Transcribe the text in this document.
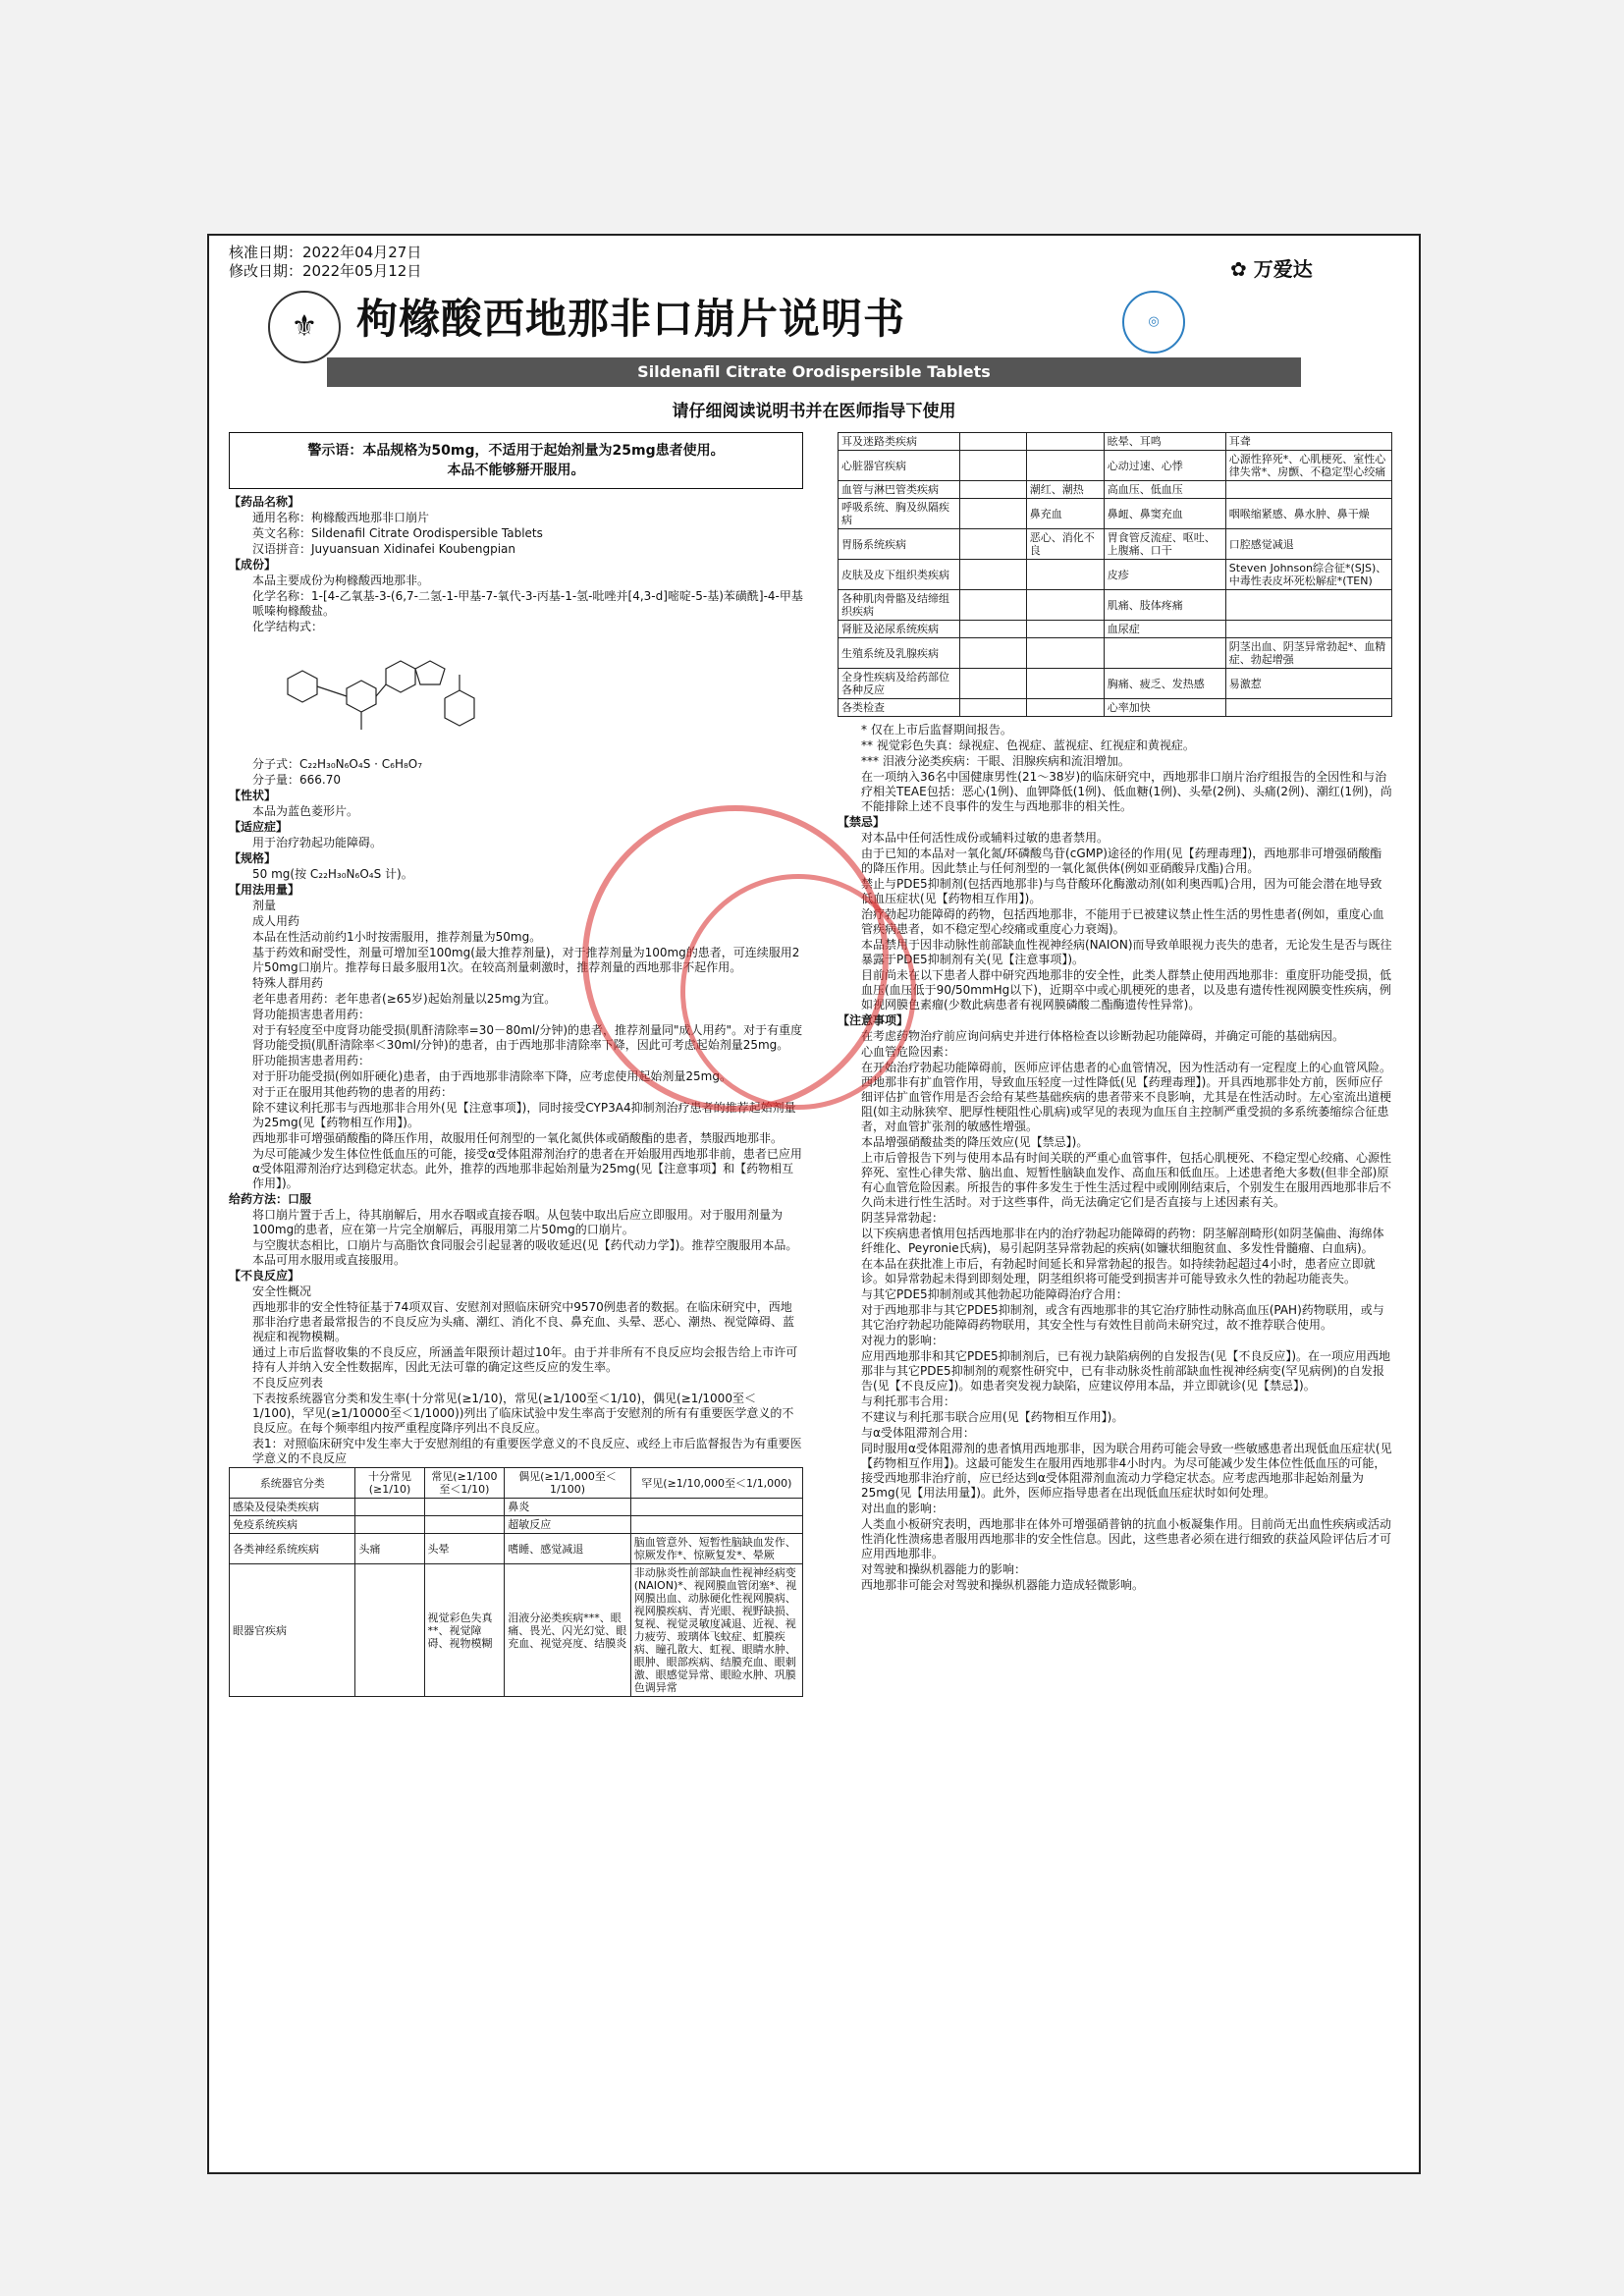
核准日期：2022年04月27日
修改日期：2022年05月12日
⚜ 枸橼酸西地那非口崩片说明书	◎
✿ 万爱达
Sildenafil Citrate Orodispersible Tablets
请仔细阅读说明书并在医师指导下使用
警示语：本品规格为50mg，不适用于起始剂量为25mg患者使用。
本品不能够掰开服用。
【药品名称】
通用名称：枸橼酸西地那非口崩片
英文名称：Sildenafil Citrate Orodispersible Tablets
汉语拼音：Juyuansuan Xidinafei Koubengpian
【成份】
本品主要成份为枸橼酸西地那非。
化学名称：1-[4-乙氧基-3-(6,7-二氢-1-甲基-7-氧代-3-丙基-1-氢-吡唑并[4,3-d]嘧啶-5-基)苯磺酰]-4-甲基哌嗪枸橼酸盐。
化学结构式：
分子式：C₂₂H₃₀N₆O₄S · C₆H₈O₇
分子量：666.70
【性状】
本品为蓝色菱形片。
【适应症】
用于治疗勃起功能障碍。
【规格】
50 mg(按 C₂₂H₃₀N₆O₄S 计)。
【用法用量】
剂量
成人用药
本品在性活动前约1小时按需服用，推荐剂量为50mg。
基于药效和耐受性，剂量可增加至100mg(最大推荐剂量)，对于推荐剂量为100mg的患者，可连续服用2片50mg口崩片。推荐每日最多服用1次。在较高剂量刺激时，推荐剂量的西地那非不起作用。
特殊人群用药
老年患者用药：老年患者(≥65岁)起始剂量以25mg为宜。
肾功能损害患者用药：
对于有轻度至中度肾功能受损(肌酐清除率=30－80ml/分钟)的患者，推荐剂量同"成人用药"。对于有重度肾功能受损(肌酐清除率＜30ml/分钟)的患者，由于西地那非清除率下降，因此可考虑起始剂量25mg。
肝功能损害患者用药：
对于肝功能受损(例如肝硬化)患者，由于西地那非清除率下降，应考虑使用起始剂量25mg。
对于正在服用其他药物的患者的用药：
除不建议利托那韦与西地那非合用外(见【注意事项】)，同时接受CYP3A4抑制剂治疗患者的推荐起始剂量为25mg(见【药物相互作用】)。
西地那非可增强硝酸酯的降压作用，故服用任何剂型的一氧化氮供体或硝酸酯的患者，禁服西地那非。
为尽可能减少发生体位性低血压的可能，接受α受体阻滞剂治疗的患者在开始服用西地那非前，患者已应用α受体阻滞剂治疗达到稳定状态。此外，推荐的西地那非起始剂量为25mg(见【注意事项】和【药物相互作用】)。
给药方法：口服
将口崩片置于舌上，待其崩解后，用水吞咽或直接吞咽。从包装中取出后应立即服用。对于服用剂量为100mg的患者，应在第一片完全崩解后，再服用第二片50mg的口崩片。
与空腹状态相比，口崩片与高脂饮食同服会引起显著的吸收延迟(见【药代动力学】)。推荐空腹服用本品。本品可用水服用或直接服用。
【不良反应】
安全性概况
西地那非的安全性特征基于74项双盲、安慰剂对照临床研究中9570例患者的数据。在临床研究中，西地那非治疗患者最常报告的不良反应为头痛、潮红、消化不良、鼻充血、头晕、恶心、潮热、视觉障碍、蓝视症和视物模糊。
通过上市后监督收集的不良反应，所涵盖年限预计超过10年。由于并非所有不良反应均会报告给上市许可持有人并纳入安全性数据库，因此无法可靠的确定这些反应的发生率。
不良反应列表
下表按系统器官分类和发生率(十分常见(≥1/10)，常见(≥1/100至＜1/10)，偶见(≥1/1000至＜1/100)，罕见(≥1/10000至＜1/1000))列出了临床试验中发生率高于安慰剂的所有有重要医学意义的不良反应。在每个频率组内按严重程度降序列出不良反应。
表1：对照临床研究中发生率大于安慰剂组的有重要医学意义的不良反应、或经上市后监督报告为有重要医学意义的不良反应
系统器官分类	十分常见(≥1/10)	常见(≥1/100至＜1/10)	偶见(≥1/1,000至＜1/100)	罕见(≥1/10,000至＜1/1,000)
感染及侵染类疾病			鼻炎	
免疫系统疾病			超敏反应	
各类神经系统疾病	头痛	头晕	嗜睡、感觉减退	脑血管意外、短暂性脑缺血发作、惊厥发作*、惊厥复发*、晕厥
眼器官疾病		视觉彩色失真**、视觉障碍、视物模糊	泪液分泌类疾病***、眼痛、畏光、闪光幻觉、眼充血、视觉亮度、结膜炎	非动脉炎性前部缺血性视神经病变(NAION)*、视网膜血管闭塞*、视网膜出血、动脉硬化性视网膜病、视网膜疾病、青光眼、视野缺损、复视、视觉灵敏度减退、近视、视力疲劳、玻璃体飞蚊症、虹膜疾病、瞳孔散大、虹视、眼睛水肿、眼肿、眼部疾病、结膜充血、眼刺激、眼感觉异常、眼睑水肿、巩膜色调异常
耳及迷路类疾病			眩晕、耳鸣	耳聋
心脏器官疾病			心动过速、心悸	心源性猝死*、心肌梗死、室性心律失常*、房颤、不稳定型心绞痛
血管与淋巴管类疾病		潮红、潮热	高血压、低血压	
呼吸系统、胸及纵隔疾病		鼻充血	鼻衄、鼻窦充血	咽喉缩紧感、鼻水肿、鼻干燥
胃肠系统疾病		恶心、消化不良	胃食管反流症、呕吐、上腹痛、口干	口腔感觉减退
皮肤及皮下组织类疾病			皮疹	Steven Johnson综合征*(SJS)、中毒性表皮坏死松解症*(TEN)
各种肌肉骨骼及结缔组织疾病			肌痛、肢体疼痛	
肾脏及泌尿系统疾病			血尿症	
生殖系统及乳腺疾病				阴茎出血、阴茎异常勃起*、血精症、勃起增强
全身性疾病及给药部位各种反应			胸痛、疲乏、发热感	易激惹
各类检查			心率加快	
* 仅在上市后监督期间报告。
** 视觉彩色失真：绿视症、色视症、蓝视症、红视症和黄视症。
*** 泪液分泌类疾病：干眼、泪腺疾病和流泪增加。
在一项纳入36名中国健康男性(21～38岁)的临床研究中，西地那非口崩片治疗组报告的全因性和与治疗相关TEAE包括：恶心(1例)、血钾降低(1例)、低血糖(1例)、头晕(2例)、头痛(2例)、潮红(1例)，尚不能排除上述不良事件的发生与西地那非的相关性。
【禁忌】
对本品中任何活性成份或辅料过敏的患者禁用。
由于已知的本品对一氧化氮/环磷酸鸟苷(cGMP)途径的作用(见【药理毒理】)，西地那非可增强硝酸酯的降压作用。因此禁止与任何剂型的一氧化氮供体(例如亚硝酸异戊酯)合用。
禁止与PDE5抑制剂(包括西地那非)与鸟苷酸环化酶激动剂(如利奥西呱)合用，因为可能会潜在地导致低血压症状(见【药物相互作用】)。
治疗勃起功能障碍的药物，包括西地那非，不能用于已被建议禁止性生活的男性患者(例如，重度心血管疾病患者，如不稳定型心绞痛或重度心力衰竭)。
本品禁用于因非动脉性前部缺血性视神经病(NAION)而导致单眼视力丧失的患者，无论发生是否与既往暴露于PDE5抑制剂有关(见【注意事项】)。
目前尚未在以下患者人群中研究西地那非的安全性，此类人群禁止使用西地那非：重度肝功能受损，低血压(血压低于90/50mmHg以下)，近期卒中或心肌梗死的患者，以及患有遗传性视网膜变性疾病，例如视网膜色素瘤(少数此病患者有视网膜磷酸二酯酶遗传性异常)。
【注意事项】
在考虑药物治疗前应询问病史并进行体格检查以诊断勃起功能障碍，并确定可能的基础病因。
心血管危险因素：
在开始治疗勃起功能障碍前，医师应评估患者的心血管情况，因为性活动有一定程度上的心血管风险。西地那非有扩血管作用，导致血压轻度一过性降低(见【药理毒理】)。开具西地那非处方前，医师应仔细评估扩血管作用是否会给有某些基础疾病的患者带来不良影响，尤其是在性活动时。左心室流出道梗阻(如主动脉狭窄、肥厚性梗阻性心肌病)或罕见的表现为血压自主控制严重受损的多系统萎缩综合征患者，对血管扩张剂的敏感性增强。
本品增强硝酸盐类的降压效应(见【禁忌】)。
上市后曾报告下列与使用本品有时间关联的严重心血管事件，包括心肌梗死、不稳定型心绞痛、心源性猝死、室性心律失常、脑出血、短暂性脑缺血发作、高血压和低血压。上述患者绝大多数(但非全部)原有心血管危险因素。所报告的事件多发生于性生活过程中或刚刚结束后，个别发生在服用西地那非后不久尚未进行性生活时。对于这些事件，尚无法确定它们是否直接与上述因素有关。
阴茎异常勃起：
以下疾病患者慎用包括西地那非在内的治疗勃起功能障碍的药物：阴茎解剖畸形(如阴茎偏曲、海绵体纤维化、Peyronie氏病)，易引起阴茎异常勃起的疾病(如镰状细胞贫血、多发性骨髓瘤、白血病)。
在本品在获批准上市后，有勃起时间延长和异常勃起的报告。如持续勃起超过4小时，患者应立即就诊。如异常勃起未得到即刻处理，阴茎组织将可能受到损害并可能导致永久性的勃起功能丧失。
与其它PDE5抑制剂或其他勃起功能障碍治疗合用：
对于西地那非与其它PDE5抑制剂，或含有西地那非的其它治疗肺性动脉高血压(PAH)药物联用，或与其它治疗勃起功能障碍药物联用，其安全性与有效性目前尚未研究过，故不推荐联合使用。
对视力的影响：
应用西地那非和其它PDE5抑制剂后，已有视力缺陷病例的自发报告(见【不良反应】)。在一项应用西地那非与其它PDE5抑制剂的观察性研究中，已有非动脉炎性前部缺血性视神经病变(罕见病例)的自发报告(见【不良反应】)。如患者突发视力缺陷，应建议停用本品，并立即就诊(见【禁忌】)。
与利托那韦合用：
不建议与利托那韦联合应用(见【药物相互作用】)。
与α受体阻滞剂合用：
同时服用α受体阻滞剂的患者慎用西地那非，因为联合用药可能会导致一些敏感患者出现低血压症状(见【药物相互作用】)。这最可能发生在服用西地那非4小时内。为尽可能减少发生体位性低血压的可能，接受西地那非治疗前，应已经达到α受体阻滞剂血流动力学稳定状态。应考虑西地那非起始剂量为25mg(见【用法用量】)。此外，医师应指导患者在出现低血压症状时如何处理。
对出血的影响：
人类血小板研究表明，西地那非在体外可增强硝普钠的抗血小板凝集作用。目前尚无出血性疾病或活动性消化性溃疡患者服用西地那非的安全性信息。因此，这些患者必须在进行细致的获益风险评估后才可应用西地那非。
对驾驶和操纵机器能力的影响：
西地那非可能会对驾驶和操纵机器能力造成轻微影响。
